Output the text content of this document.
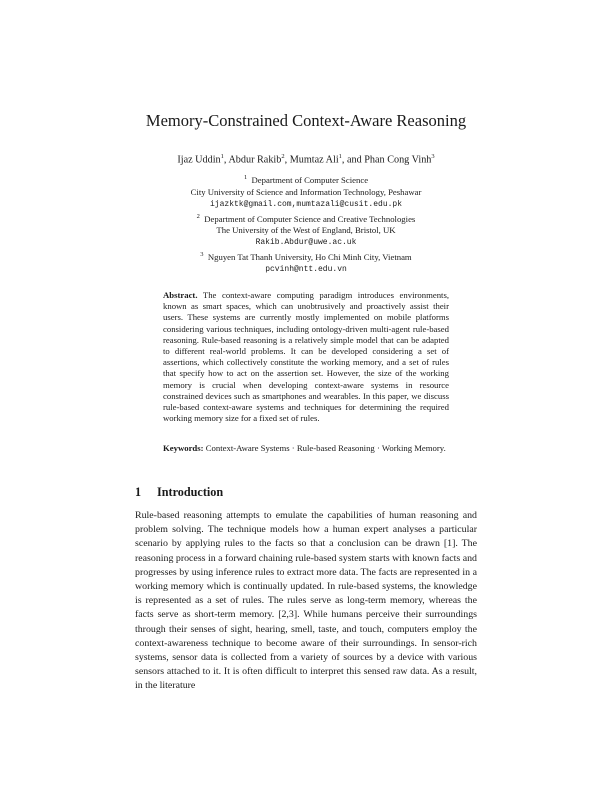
Memory-Constrained Context-Aware Reasoning
Ijaz Uddin$^1$, Abdur Rakib$^2$, Mumtaz Ali$^1$, and Phan Cong Vinh$^3$
$^1$ Department of Computer Science
City University of Science and Information Technology, Peshawar
ijazktk@gmail.com,mumtazali@cusit.edu.pk
$^2$ Department of Computer Science and Creative Technologies
The University of the West of England, Bristol, UK
Rakib.Abdur@uwe.ac.uk
$^3$ Nguyen Tat Thanh University, Ho Chi Minh City, Vietnam
pcvinh@ntt.edu.vn

Abstract. The context-aware computing paradigm introduces environments, known as smart spaces, which can unobtrusively and proactively assist their users. These systems are currently mostly implemented on mobile platforms considering various techniques, including ontology-driven multi-agent rule-based reasoning. Rule-based reasoning is a relatively simple model that can be adapted to different real-world problems. It can be developed considering a set of assertions, which collectively constitute the working memory, and a set of rules that specify how to act on the assertion set. However, the size of the working memory is crucial when developing context-aware systems in resource constrained devices such as smartphones and wearables. In this paper, we discuss rule-based context-aware systems and techniques for determining the required working memory size for a fixed set of rules.

Keywords: Context-Aware Systems · Rule-based Reasoning · Working Memory.

1 Introduction

Rule-based reasoning attempts to emulate the capabilities of human reasoning and problem solving. The technique models how a human expert analyses a particular scenario by applying rules to the facts so that a conclusion can be drawn [1]. The reasoning process in a forward chaining rule-based system starts with known facts and progresses by using inference rules to extract more data. The facts are represented in a working memory which is continually updated. In rule-based systems, the knowledge is represented as a set of rules. The rules serve as long-term memory, whereas the facts serve as short-term memory. [2,3]. While humans perceive their surroundings through their senses of sight, hearing, smell, taste, and touch, computers employ the context-awareness technique to become aware of their surroundings. In sensor-rich systems, sensor data is collected from a variety of sources by a device with various sensors attached to it. It is often difficult to interpret this sensed raw data. As a result, in the literature
